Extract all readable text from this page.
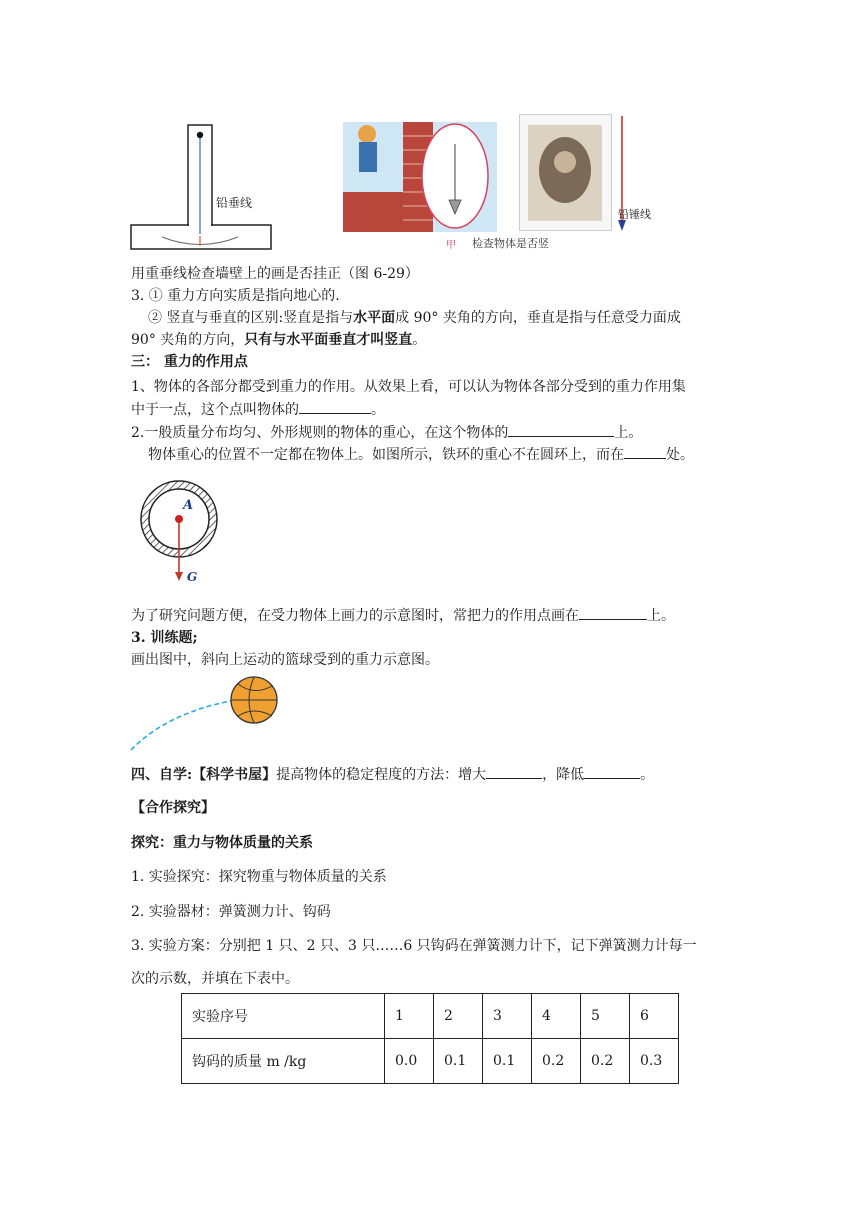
铅垂线
甲 检查物体是否竖
铅锤线
用重垂线检查墙壁上的画是否挂正（图 6-29）
3. ① 重力方向实质是指向地心的.
② 竖直与垂直的区别:竖直是指与水平面成 90° 夹角的方向，垂直是指与任意受力面成
90° 夹角的方向，只有与水平面垂直才叫竖直。
三： 重力的作用点
1、物体的各部分都受到重力的作用。从效果上看，可以认为物体各部分受到的重力作用集
中于一点，这个点叫物体的	。
2.一般质量分布均匀、外形规则的物体的重心，在这个物体的	上。
物体重心的位置不一定都在物体上。如图所示，铁环的重心不在圆环上，而在	处。
A
G
为了研究问题方便，在受力物体上画力的示意图时，常把力的作用点画在	上。
3. 训练题;
画出图中，斜向上运动的篮球受到的重力示意图。
四、自学:【科学书屋】提高物体的稳定程度的方法：增大	，降低	。
【合作探究】
探究：重力与物体质量的关系
1. 实验探究：探究物重与物体质量的关系
2. 实验器材：弹簧测力计、钩码
3. 实验方案：分别把 1 只、2 只、3 只……6 只钩码在弹簧测力计下，记下弹簧测力计每一
次的示数，并填在下表中。
实验序号	1	2	3	4	5	6
钩码的质量 m /kg	0.0	0.1	0.1	0.2	0.2	0.3
